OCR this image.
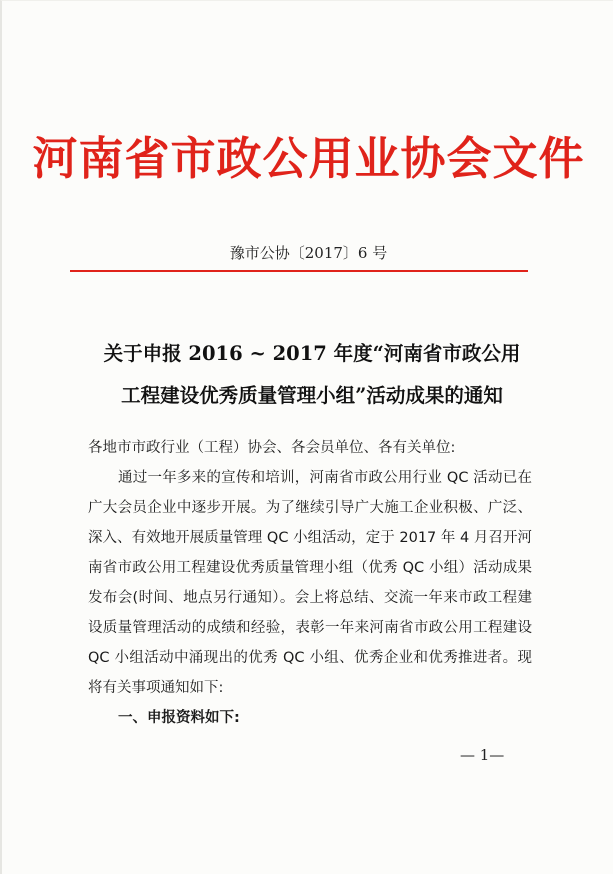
河南省市政公用业协会文件
豫市公协〔2017〕6 号
关于申报 2016 ~ 2017 年度“河南省市政公用
工程建设优秀质量管理小组”活动成果的通知

各地市市政行业（工程）协会、各会员单位、各有关单位:

通过一年多来的宣传和培训，河南省市政公用行业 QC 活动已在广大会员企业中逐步开展。为了继续引导广大施工企业积极、广泛、深入、有效地开展质量管理 QC 小组活动，定于 2017 年 4 月召开河南省市政公用工程建设优秀质量管理小组（优秀 QC 小组）活动成果发布会(时间、地点另行通知）。会上将总结、交流一年来市政工程建设质量管理活动的成绩和经验，表彰一年来河南省市政公用工程建设 QC 小组活动中涌现出的优秀 QC 小组、优秀企业和优秀推进者。现将有关事项通知如下:

一、申报资料如下:

— 1—
